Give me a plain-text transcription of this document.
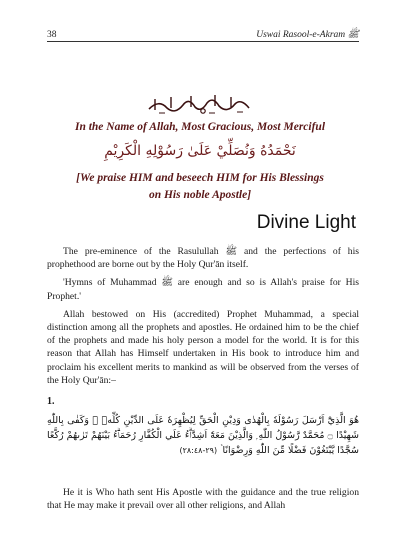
38	Uswai Rasool-e-Akram ﷺ
In the Name of Allah, Most Gracious, Most Merciful
نَحْمَدُهُ وَنُصَلِّيْ عَلَىٰ رَسُوْلِهِ الْكَرِيْمِ
[We praise HIM and beseech HIM for His Blessings
on His noble Apostle]
Divine Light

The pre-eminence of the Rasulullah ﷺ and the perfections of his prophethood are borne out by the Holy Qur'ān itself.

'Hymns of Muhammad ﷺ are enough and so is Allah's praise for His Prophet.'

Allah bestowed on His (accredited) Prophet Muhammad, a special distinction among all the prophets and apostles. He ordained him to be the chief of the prophets and made his holy person a model for the world. It is for this reason that Allah has Himself undertaken in His book to introduce him and proclaim his excellent merits to mankind as will be observed from the verses of the Holy Qur'ān:–

1.
هُوَ الَّذِيْٓ اَرْسَلَ رَسُوْلَهٗ بِالْهُدٰى وَدِيْنِ الْحَقِّ لِيُظْهِرَهٗ عَلَى الدِّيْنِ كُلِّهٖ ۭ وَكَفٰى بِاللّٰهِ شَهِيْدًا ۝ مُحَمَّدٌ رَّسُوْلُ اللّٰهِ ۭ وَالَّذِيْنَ مَعَهٗٓ اَشِدَّاۗءُ عَلَي الْكُفَّارِ رُحَمَاۗءُ بَيْنَهُمْ تَرٰىهُمْ رُكَّعًا سُجَّدًا يَّبْتَغُوْنَ فَضْلًا مِّنَ اللّٰهِ وَرِضْوَانًا ۡ (٢٩-٢٨:٤٨)

He it is Who hath sent His Apostle with the guidance and the true religion that He may make it prevail over all other religions, and Allah
